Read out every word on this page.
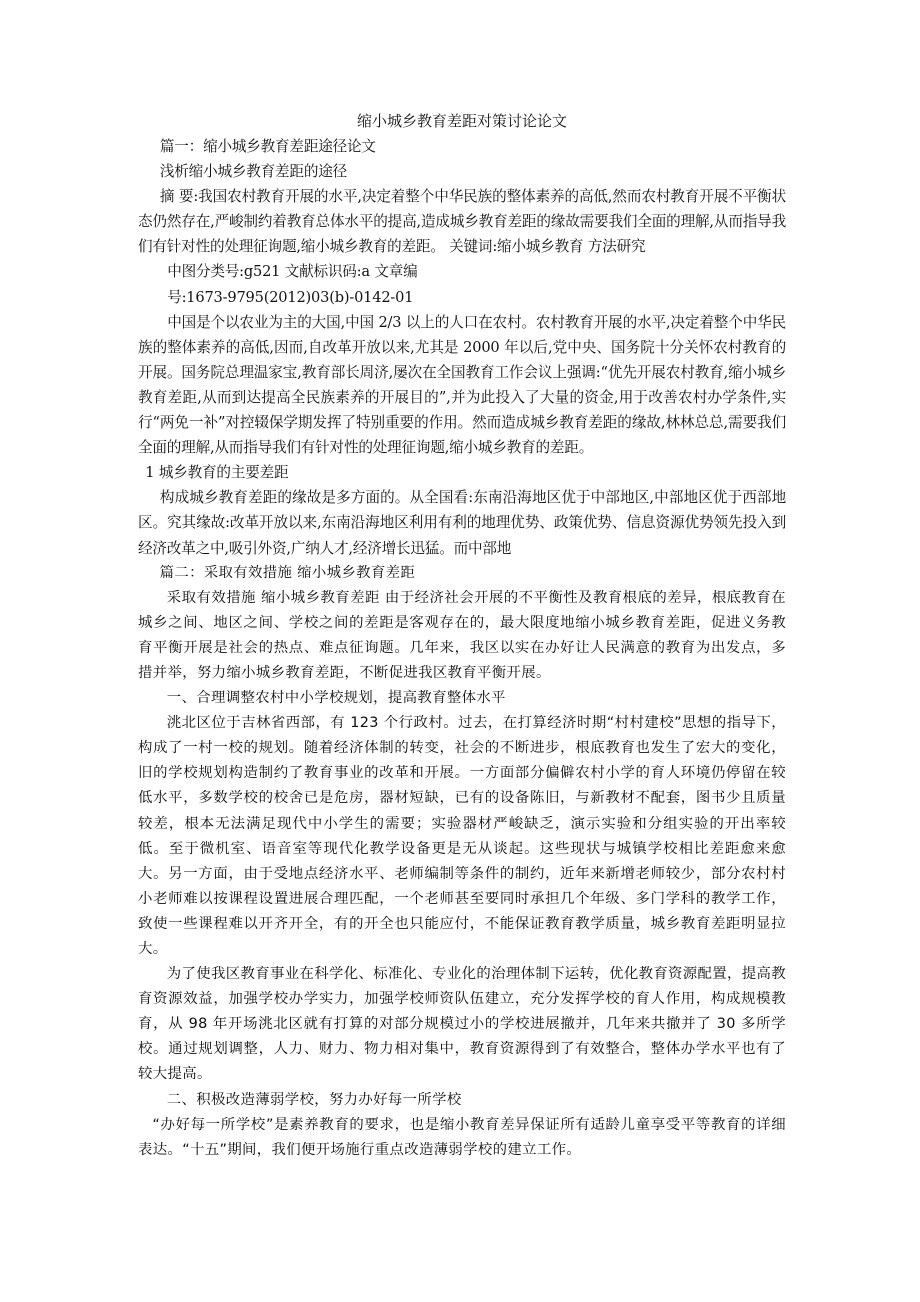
缩小城乡教育差距对策讨论论文

篇一：缩小城乡教育差距途径论文

浅析缩小城乡教育差距的途径

摘 要:我国农村教育开展的水平,决定着整个中华民族的整体素养的高低,然而农村教育开展不平衡状态仍然存在,严峻制约着教育总体水平的提高,造成城乡教育差距的缘故需要我们全面的理解,从而指导我们有针对性的处理征询题,缩小城乡教育的差距。 关键词:缩小城乡教育 方法研究

中图分类号:g521 文献标识码:a 文章编

号:1673-9795(2012)03(b)-0142-01

中国是个以农业为主的大国,中国 2/3 以上的人口在农村。农村教育开展的水平,决定着整个中华民族的整体素养的高低,因而,自改革开放以来,尤其是 2000 年以后,党中央、国务院十分关怀农村教育的开展。国务院总理温家宝,教育部长周济,屡次在全国教育工作会议上强调:“优先开展农村教育,缩小城乡教育差距,从而到达提高全民族素养的开展目的”,并为此投入了大量的资金,用于改善农村办学条件,实行“两免一补”对控辍保学期发挥了特别重要的作用。然而造成城乡教育差距的缘故,林林总总,需要我们全面的理解,从而指导我们有针对性的处理征询题,缩小城乡教育的差距。

1 城乡教育的主要差距

构成城乡教育差距的缘故是多方面的。从全国看:东南沿海地区优于中部地区,中部地区优于西部地区。究其缘故:改革开放以来,东南沿海地区利用有利的地理优势、政策优势、信息资源优势领先投入到经济改革之中,吸引外资,广纳人才,经济增长迅猛。而中部地

篇二：采取有效措施 缩小城乡教育差距

采取有效措施 缩小城乡教育差距 由于经济社会开展的不平衡性及教育根底的差异，根底教育在城乡之间、地区之间、学校之间的差距是客观存在的，最大限度地缩小城乡教育差距，促进义务教育平衡开展是社会的热点、难点征询题。几年来，我区以实在办好让人民满意的教育为出发点，多措并举，努力缩小城乡教育差距，不断促进我区教育平衡开展。

一、合理调整农村中小学校规划，提高教育整体水平

洮北区位于吉林省西部，有 123 个行政村。过去，在打算经济时期“村村建校”思想的指导下，构成了一村一校的规划。随着经济体制的转变，社会的不断进步，根底教育也发生了宏大的变化，旧的学校规划构造制约了教育事业的改革和开展。一方面部分偏僻农村小学的育人环境仍停留在较低水平，多数学校的校舍已是危房，器材短缺，已有的设备陈旧，与新教材不配套，图书少且质量较差，根本无法满足现代中小学生的需要；实验器材严峻缺乏，演示实验和分组实验的开出率较低。至于微机室、语音室等现代化教学设备更是无从谈起。这些现状与城镇学校相比差距愈来愈大。另一方面，由于受地点经济水平、老师编制等条件的制约，近年来新增老师较少，部分农村村小老师难以按课程设置进展合理匹配，一个老师甚至要同时承担几个年级、多门学科的教学工作，致使一些课程难以开齐开全，有的开全也只能应付，不能保证教育教学质量，城乡教育差距明显拉大。

为了使我区教育事业在科学化、标准化、专业化的治理体制下运转，优化教育资源配置，提高教育资源效益，加强学校办学实力，加强学校师资队伍建立，充分发挥学校的育人作用，构成规模教育，从 98 年开场洮北区就有打算的对部分规模过小的学校进展撤并，几年来共撤并了 30 多所学校。通过规划调整，人力、财力、物力相对集中，教育资源得到了有效整合，整体办学水平也有了较大提高。

二、积极改造薄弱学校，努力办好每一所学校

“办好每一所学校”是素养教育的要求，也是缩小教育差异保证所有适龄儿童享受平等教育的详细表达。“十五”期间，我们便开场施行重点改造薄弱学校的建立工作。
